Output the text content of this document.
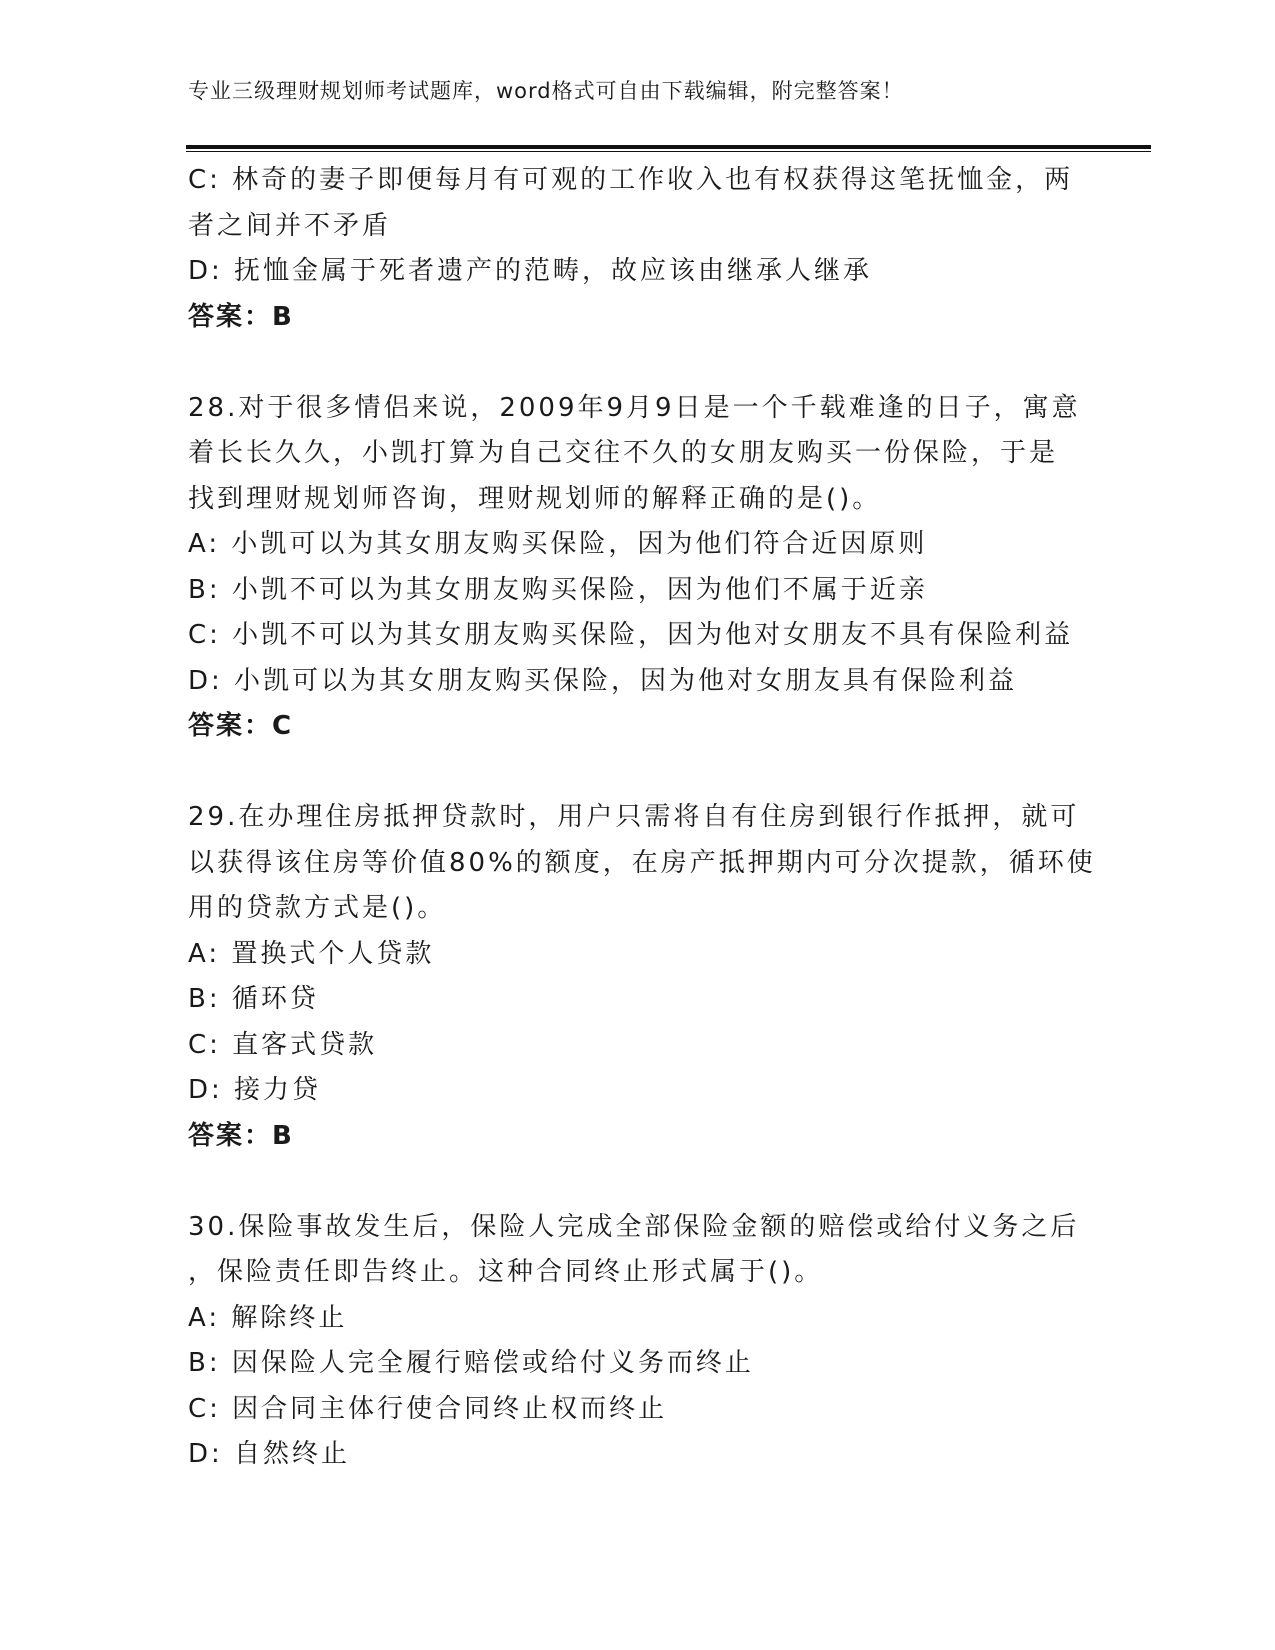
专业三级理财规划师考试题库，word格式可自由下载编辑，附完整答案！
C: 林奇的妻子即便每月有可观的工作收入也有权获得这笔抚恤金，两
者之间并不矛盾
D: 抚恤金属于死者遗产的范畴，故应该由继承人继承
答案：B
28.对于很多情侣来说，2009年9月9日是一个千载难逢的日子，寓意
着长长久久，小凯打算为自己交往不久的女朋友购买一份保险，于是
找到理财规划师咨询，理财规划师的解释正确的是()。
A: 小凯可以为其女朋友购买保险，因为他们符合近因原则
B: 小凯不可以为其女朋友购买保险，因为他们不属于近亲
C: 小凯不可以为其女朋友购买保险，因为他对女朋友不具有保险利益
D: 小凯可以为其女朋友购买保险，因为他对女朋友具有保险利益
答案：C
29.在办理住房抵押贷款时，用户只需将自有住房到银行作抵押，就可
以获得该住房等价值80%的额度，在房产抵押期内可分次提款，循环使
用的贷款方式是()。
A: 置换式个人贷款
B: 循环贷
C: 直客式贷款
D: 接力贷
答案：B
30.保险事故发生后，保险人完成全部保险金额的赔偿或给付义务之后
，保险责任即告终止。这种合同终止形式属于()。
A: 解除终止
B: 因保险人完全履行赔偿或给付义务而终止
C: 因合同主体行使合同终止权而终止
D: 自然终止
